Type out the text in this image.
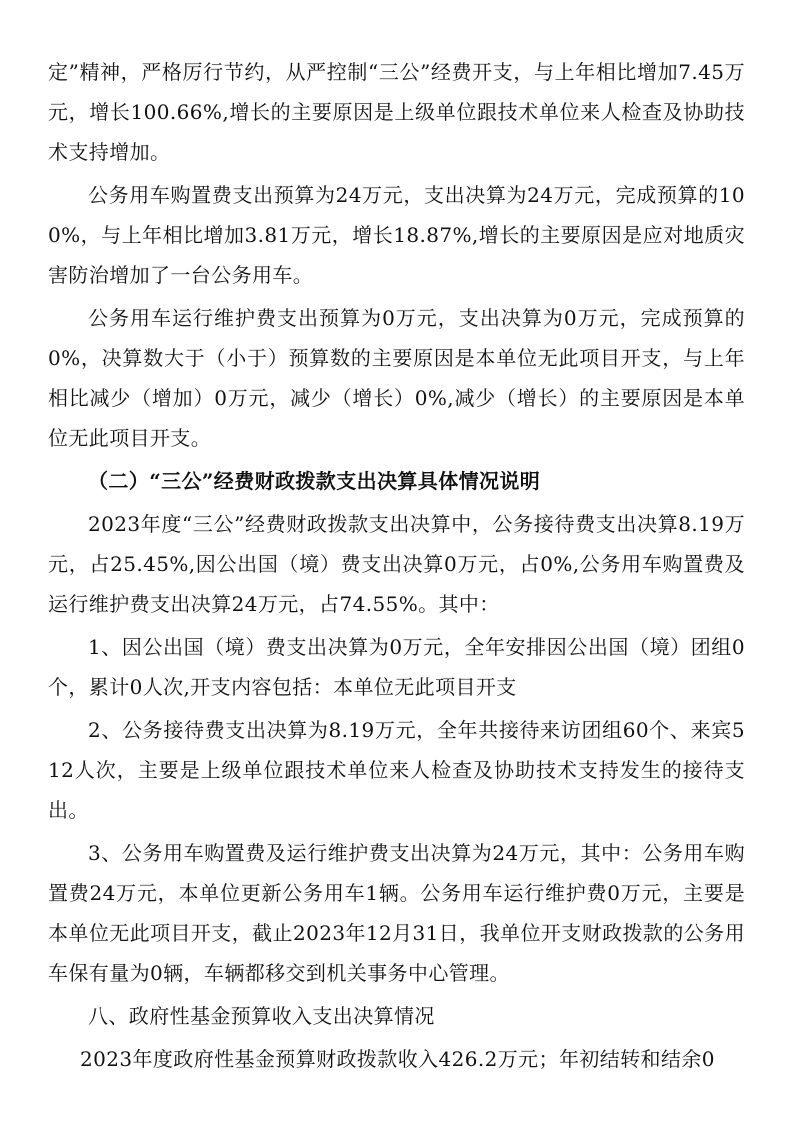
定”精神，严格厉行节约，从严控制“三公”经费开支，与上年相比增加7.45万元，增长100.66%,增长的主要原因是上级单位跟技术单位来人检查及协助技术支持增加。

公务用车购置费支出预算为24万元，支出决算为24万元，完成预算的100%，与上年相比增加3.81万元，增长18.87%,增长的主要原因是应对地质灾害防治增加了一台公务用车。

公务用车运行维护费支出预算为0万元，支出决算为0万元，完成预算的0%，决算数大于（小于）预算数的主要原因是本单位无此项目开支，与上年相比减少（增加）0万元，减少（增长）0%,减少（增长）的主要原因是本单位无此项目开支。

（二）“三公”经费财政拨款支出决算具体情况说明

2023年度“三公”经费财政拨款支出决算中，公务接待费支出决算8.19万元，占25.45%,因公出国（境）费支出决算0万元，占0%,公务用车购置费及运行维护费支出决算24万元，占74.55%。其中：

1、因公出国（境）费支出决算为0万元，全年安排因公出国（境）团组0个，累计0人次,开支内容包括：本单位无此项目开支

2、公务接待费支出决算为8.19万元，全年共接待来访团组60个、来宾512人次，主要是上级单位跟技术单位来人检查及协助技术支持发生的接待支出。

3、公务用车购置费及运行维护费支出决算为24万元，其中：公务用车购置费24万元，本单位更新公务用车1辆。公务用车运行维护费0万元，主要是本单位无此项目开支，截止2023年12月31日，我单位开支财政拨款的公务用车保有量为0辆，车辆都移交到机关事务中心管理。

八、政府性基金预算收入支出决算情况

2023年度政府性基金预算财政拨款收入426.2万元；年初结转和结余0
